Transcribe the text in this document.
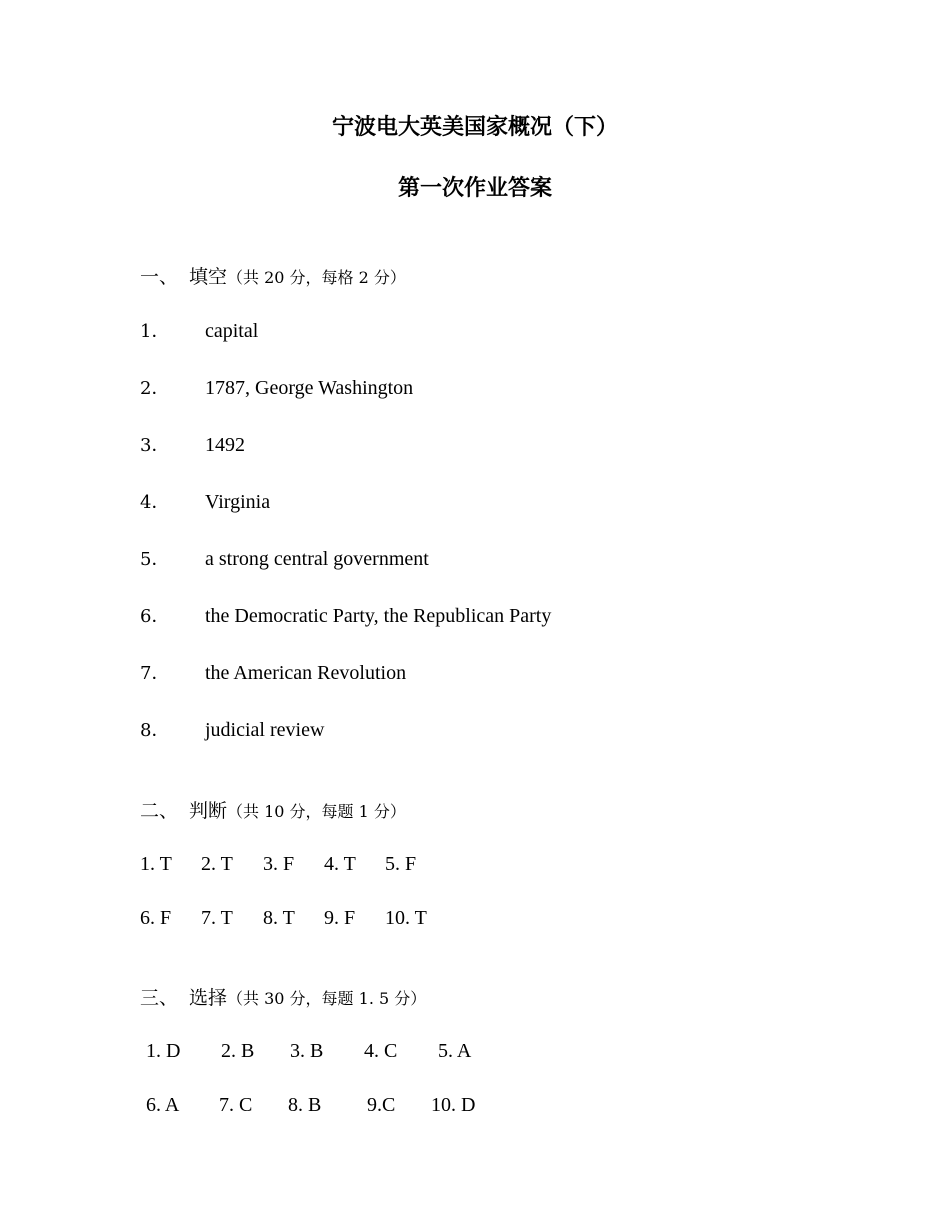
宁波电大英美国家概况（下）
第一次作业答案
一、 填空（共 20 分，每格 2 分）
1． capital
2． 1787, George Washington
3． 1492
4． Virginia
5． a strong central government
6． the Democratic Party, the Republican Party
7． the American Revolution
8． judicial review
二、 判断（共 10 分，每题 1 分）
1. T 2. T 3. F 4. T 5. F
6. F 7. T 8. T 9. F 10. T
三、 选择（共 30 分，每题 1. 5 分）
1. D 2. B 3. B 4. C 5. A
6. A 7. C 8. B 9.C 10. D
